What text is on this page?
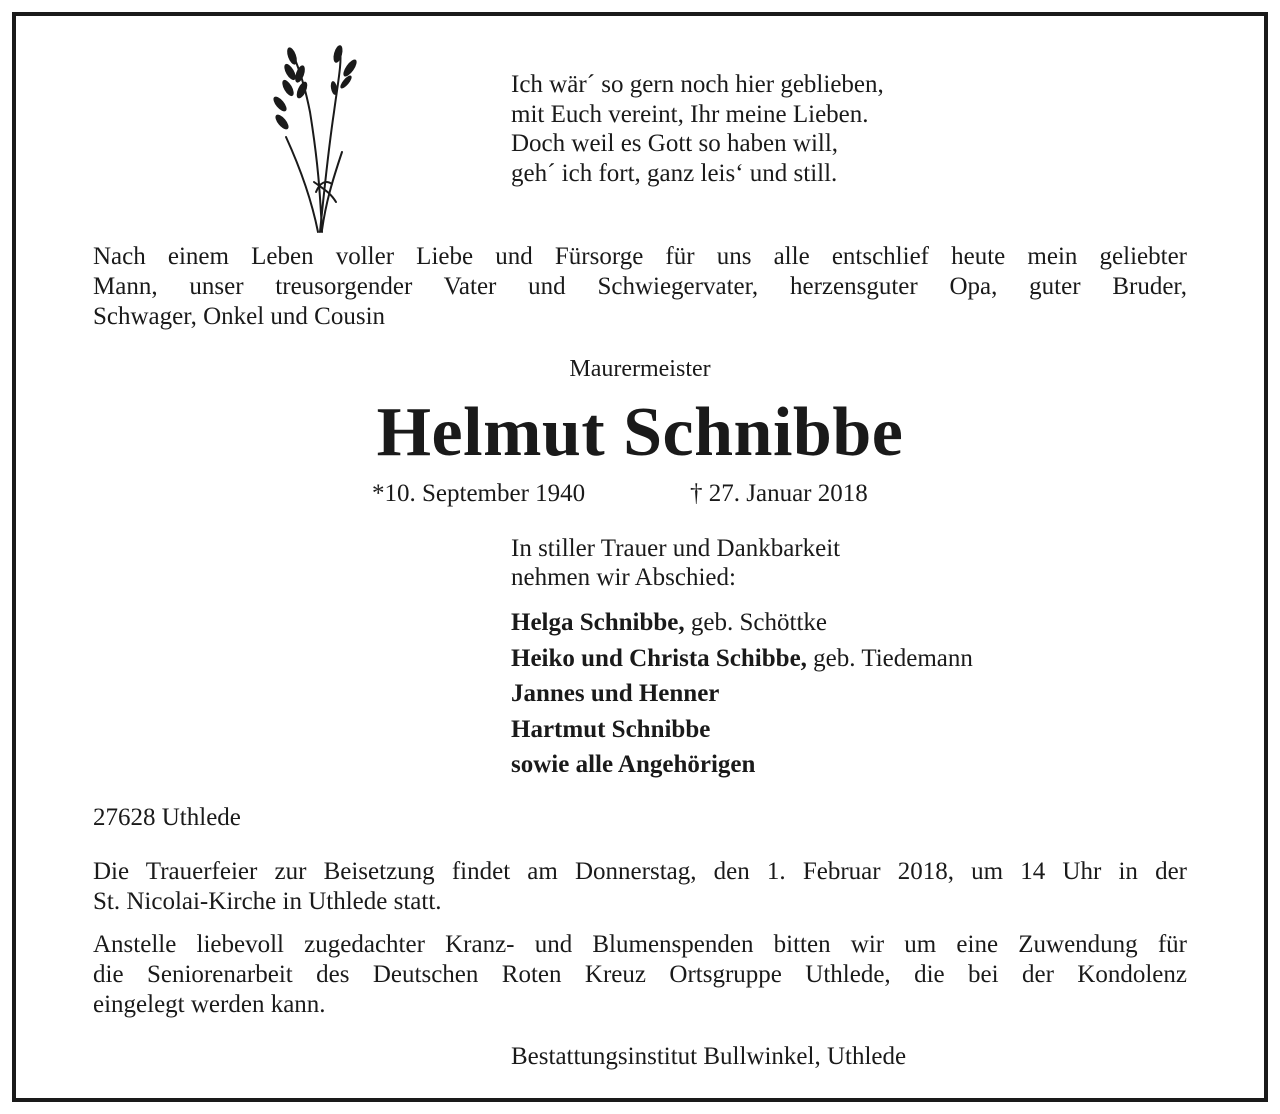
Ich wär´ so gern noch hier geblieben,
mit Euch vereint, Ihr meine Lieben.
Doch weil es Gott so haben will,
geh´ ich fort, ganz leis‘ und still.
Nach einem Leben voller Liebe und Fürsorge für uns alle entschlief heute mein geliebter
Mann, unser treusorgender Vater und Schwiegervater, herzensguter Opa, guter Bruder,
Schwager, Onkel und Cousin
Maurermeister
Helmut Schnibbe
*10. September 1940	† 27. Januar 2018
In stiller Trauer und Dankbarkeit
nehmen wir Abschied:
Helga Schnibbe, geb. Schöttke
Heiko und Christa Schibbe, geb. Tiedemann
Jannes und Henner
Hartmut Schnibbe
sowie alle Angehörigen
27628 Uthlede
Die Trauerfeier zur Beisetzung findet am Donnerstag, den 1. Februar 2018, um 14 Uhr in der
St. Nicolai-Kirche in Uthlede statt.
Anstelle liebevoll zugedachter Kranz- und Blumenspenden bitten wir um eine Zuwendung für
die Seniorenarbeit des Deutschen Roten Kreuz Ortsgruppe Uthlede, die bei der Kondolenz
eingelegt werden kann.
Bestattungsinstitut Bullwinkel, Uthlede
